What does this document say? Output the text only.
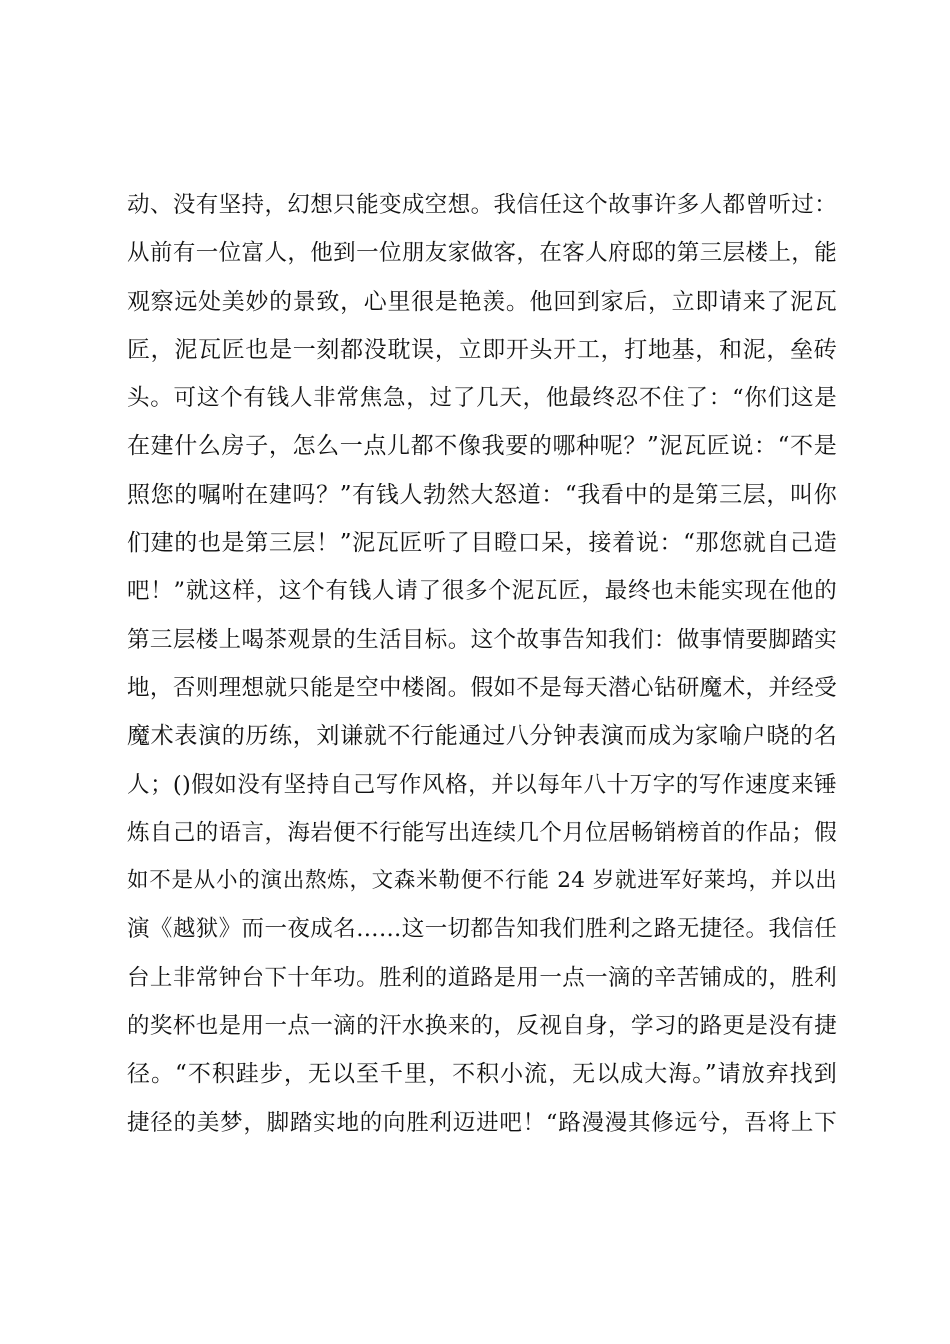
动、没有坚持，幻想只能变成空想。我信任这个故事许多人都曾听过：
从前有一位富人，他到一位朋友家做客，在客人府邸的第三层楼上，能
观察远处美妙的景致，心里很是艳羡。他回到家后，立即请来了泥瓦
匠，泥瓦匠也是一刻都没耽误，立即开头开工，打地基，和泥，垒砖
头。可这个有钱人非常焦急，过了几天，他最终忍不住了：“你们这是
在建什么房子，怎么一点儿都不像我要的哪种呢？”泥瓦匠说：“不是
照您的嘱咐在建吗？”有钱人勃然大怒道：“我看中的是第三层，叫你
们建的也是第三层！”泥瓦匠听了目瞪口呆，接着说：“那您就自己造
吧！”就这样，这个有钱人请了很多个泥瓦匠，最终也未能实现在他的
第三层楼上喝茶观景的生活目标。这个故事告知我们：做事情要脚踏实
地，否则理想就只能是空中楼阁。假如不是每天潜心钻研魔术，并经受
魔术表演的历练，刘谦就不行能通过八分钟表演而成为家喻户晓的名
人；()假如没有坚持自己写作风格，并以每年八十万字的写作速度来锤
炼自己的语言，海岩便不行能写出连续几个月位居畅销榜首的作品；假
如不是从小的演出熬炼，文森米勒便不行能 24 岁就进军好莱坞，并以出
演《越狱》而一夜成名……这一切都告知我们胜利之路无捷径。我信任
台上非常钟台下十年功。胜利的道路是用一点一滴的辛苦铺成的，胜利
的奖杯也是用一点一滴的汗水换来的，反视自身，学习的路更是没有捷
径。“不积跬步，无以至千里，不积小流，无以成大海。”请放弃找到
捷径的美梦，脚踏实地的向胜利迈进吧！“路漫漫其修远兮，吾将上下
